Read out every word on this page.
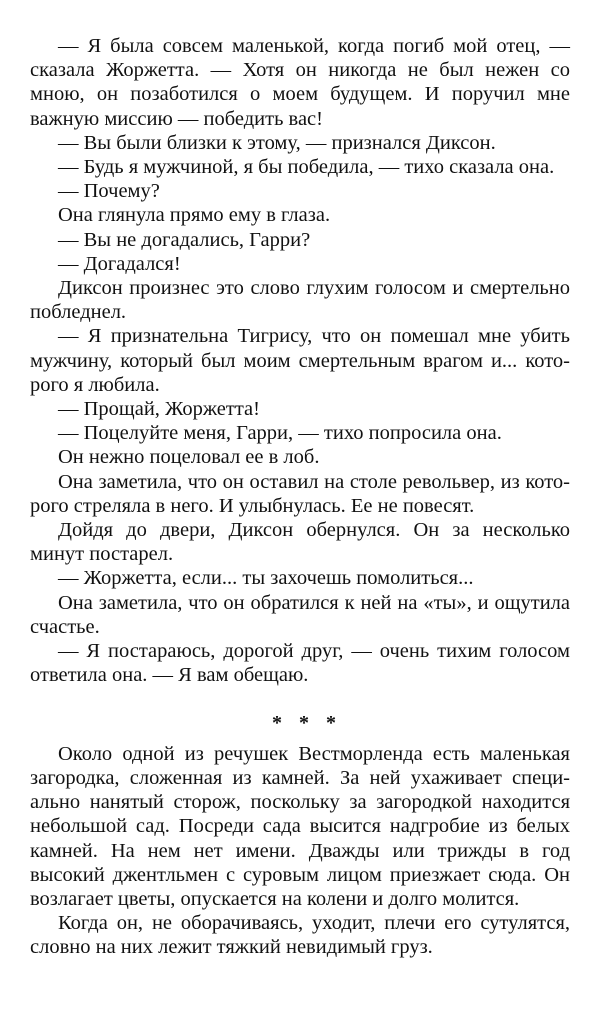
— Я была совсем маленькой, когда погиб мой отец, — сказала Жоржетта. — Хотя он никогда не был нежен со мною, он позаботился о моем будущем. И поручил мне важную миссию — победить вас!

— Вы были близки к этому, — признался Диксон.

— Будь я мужчиной, я бы победила, — тихо сказала она.

— Почему?

Она глянула прямо ему в глаза.

— Вы не догадались, Гарри?

— Догадался!

Диксон произнес это слово глухим голосом и смертельно побледнел.

— Я признательна Тигрису, что он помешал мне убить мужчину, который был моим смертельным врагом и... которого я любила.

— Прощай, Жоржетта!

— Поцелуйте меня, Гарри, — тихо попросила она.

Он нежно поцеловал ее в лоб.

Она заметила, что он оставил на столе револьвер, из которого стреляла в него. И улыбнулась. Ее не повесят.

Дойдя до двери, Диксон обернулся. Он за несколько минут постарел.

— Жоржетта, если... ты захочешь помолиться...

Она заметила, что он обратился к ней на «ты», и ощутила счастье.

— Я постараюсь, дорогой друг, — очень тихим голосом ответила она. — Я вам обещаю.

* * *

Около одной из речушек Вестморленда есть маленькая загородка, сложенная из камней. За ней ухаживает специально нанятый сторож, поскольку за загородкой находится небольшой сад. Посреди сада высится надгробие из белых камней. На нем нет имени. Дважды или трижды в год высокий джентльмен с суровым лицом приезжает сюда. Он возлагает цветы, опускается на колени и долго молится.

Когда он, не оборачиваясь, уходит, плечи его сутулятся, словно на них лежит тяжкий невидимый груз.
